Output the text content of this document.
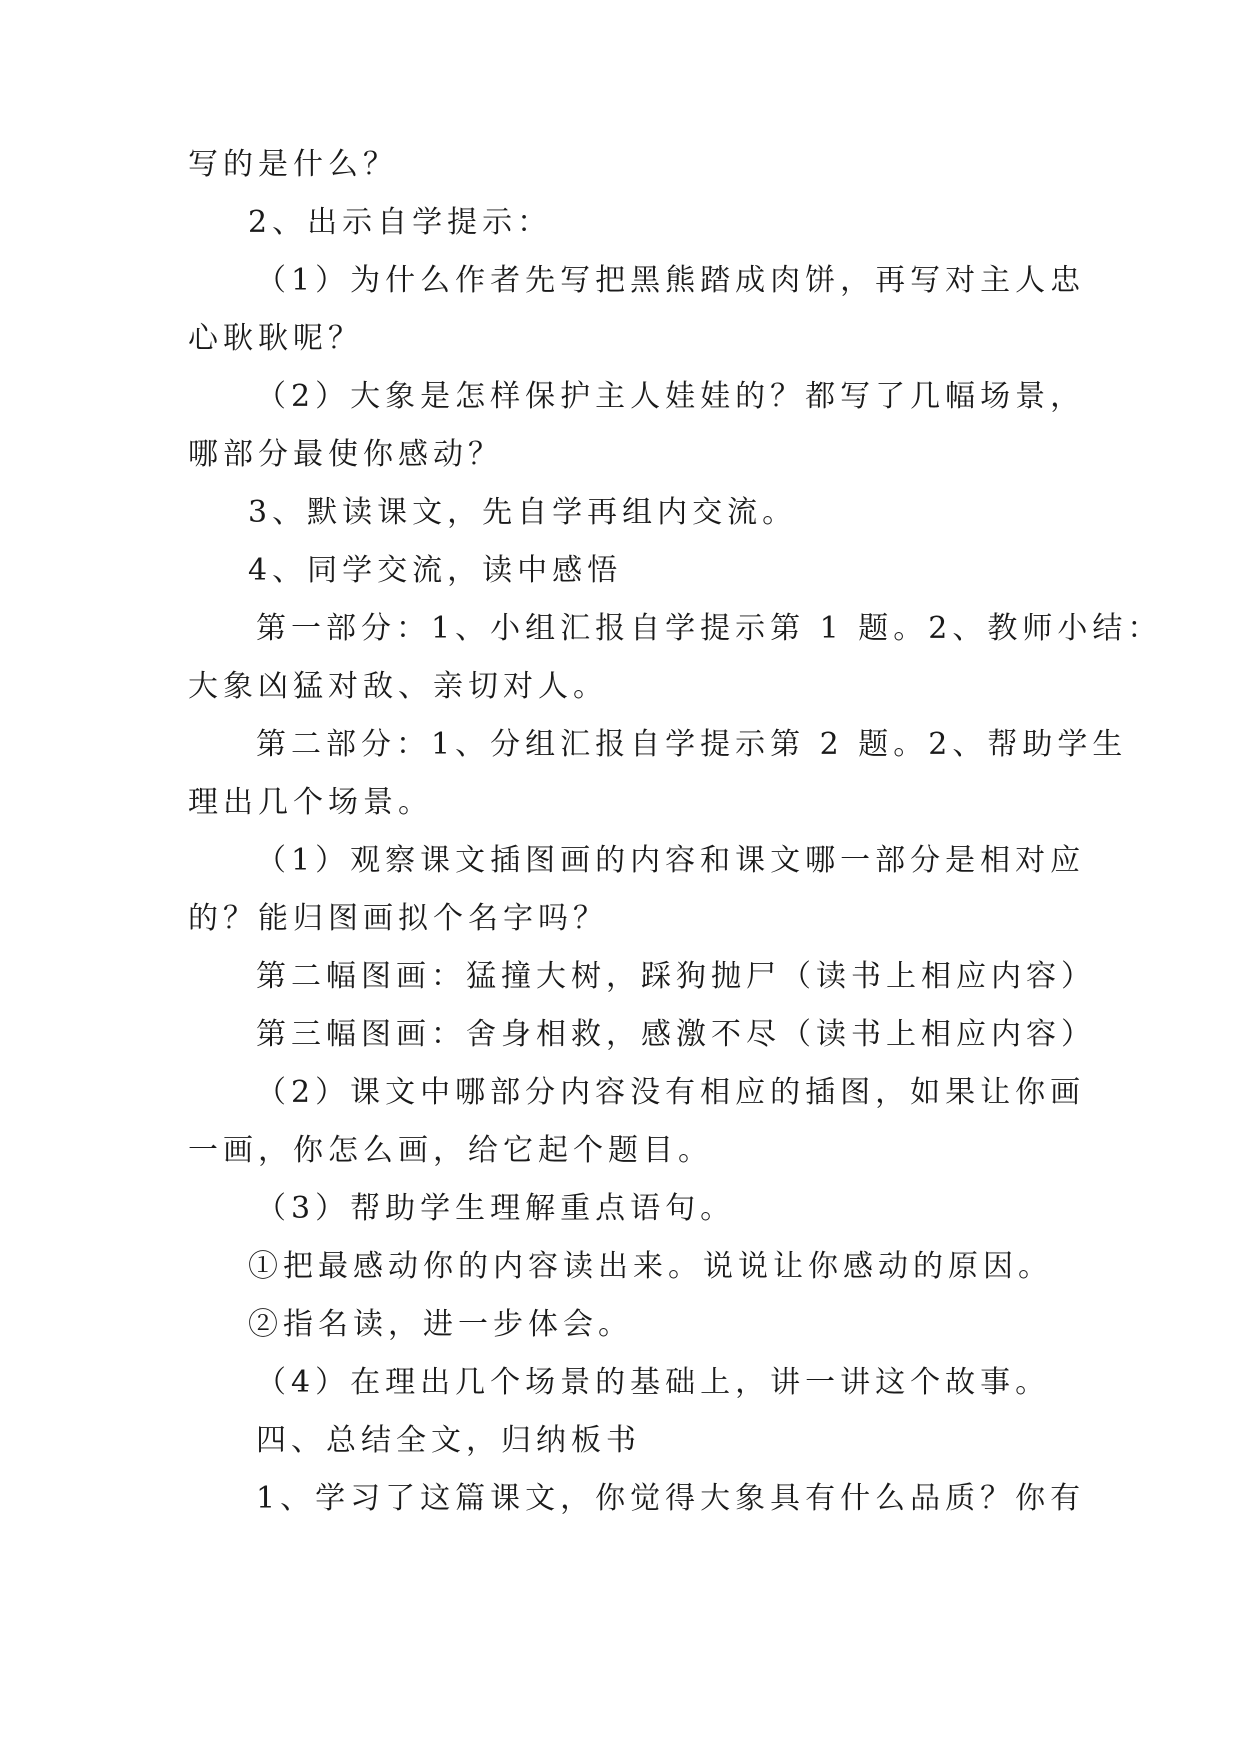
写的是什么？
2、出示自学提示：
（1）为什么作者先写把黑熊踏成肉饼，再写对主人忠
心耿耿呢？
（2）大象是怎样保护主人娃娃的？都写了几幅场景，
哪部分最使你感动？
3、默读课文，先自学再组内交流。
4、同学交流，读中感悟
第一部分：1、小组汇报自学提示第 1 题。2、教师小结：
大象凶猛对敌、亲切对人。
第二部分：1、分组汇报自学提示第 2 题。2、帮助学生
理出几个场景。
（1）观察课文插图画的内容和课文哪一部分是相对应
的？能归图画拟个名字吗？
第二幅图画：猛撞大树，踩狗抛尸（读书上相应内容）
第三幅图画：舍身相救，感激不尽（读书上相应内容）
（2）课文中哪部分内容没有相应的插图，如果让你画
一画，你怎么画，给它起个题目。
（3）帮助学生理解重点语句。
①把最感动你的内容读出来。说说让你感动的原因。
②指名读，进一步体会。
（4）在理出几个场景的基础上，讲一讲这个故事。
四、总结全文，归纳板书
1、学习了这篇课文，你觉得大象具有什么品质？你有
